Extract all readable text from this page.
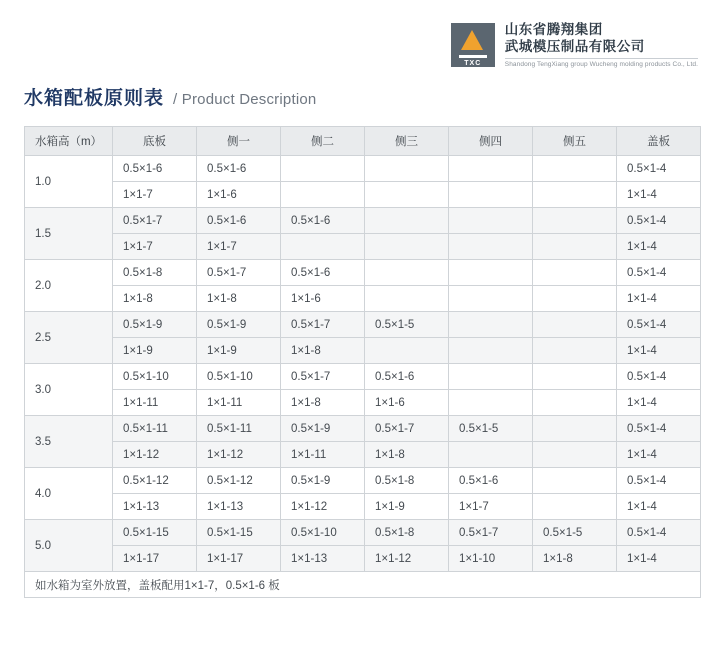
TXC
山东省腾翔集团
武城模压制品有限公司
Shandong TengXiang group Wucheng molding products Co., Ltd.
水箱配板原则表 / Product Description
水箱高（m）	底板	侧一	侧二	侧三	侧四	侧五	盖板
1.0	0.5×1-6	0.5×1-6					0.5×1-4
	1×1-7	1×1-6					1×1-4
1.5	0.5×1-7	0.5×1-6	0.5×1-6				0.5×1-4
	1×1-7	1×1-7					1×1-4
2.0	0.5×1-8	0.5×1-7	0.5×1-6				0.5×1-4
	1×1-8	1×1-8	1×1-6				1×1-4
2.5	0.5×1-9	0.5×1-9	0.5×1-7	0.5×1-5			0.5×1-4
	1×1-9	1×1-9	1×1-8				1×1-4
3.0	0.5×1-10	0.5×1-10	0.5×1-7	0.5×1-6			0.5×1-4
	1×1-11	1×1-11	1×1-8	1×1-6			1×1-4
3.5	0.5×1-11	0.5×1-11	0.5×1-9	0.5×1-7	0.5×1-5		0.5×1-4
	1×1-12	1×1-12	1×1-11	1×1-8			1×1-4
4.0	0.5×1-12	0.5×1-12	0.5×1-9	0.5×1-8	0.5×1-6		0.5×1-4
	1×1-13	1×1-13	1×1-12	1×1-9	1×1-7		1×1-4
5.0	0.5×1-15	0.5×1-15	0.5×1-10	0.5×1-8	0.5×1-7	0.5×1-5	0.5×1-4
	1×1-17	1×1-17	1×1-13	1×1-12	1×1-10	1×1-8	1×1-4
如水箱为室外放置，盖板配用1×1-7，0.5×1-6 板							
